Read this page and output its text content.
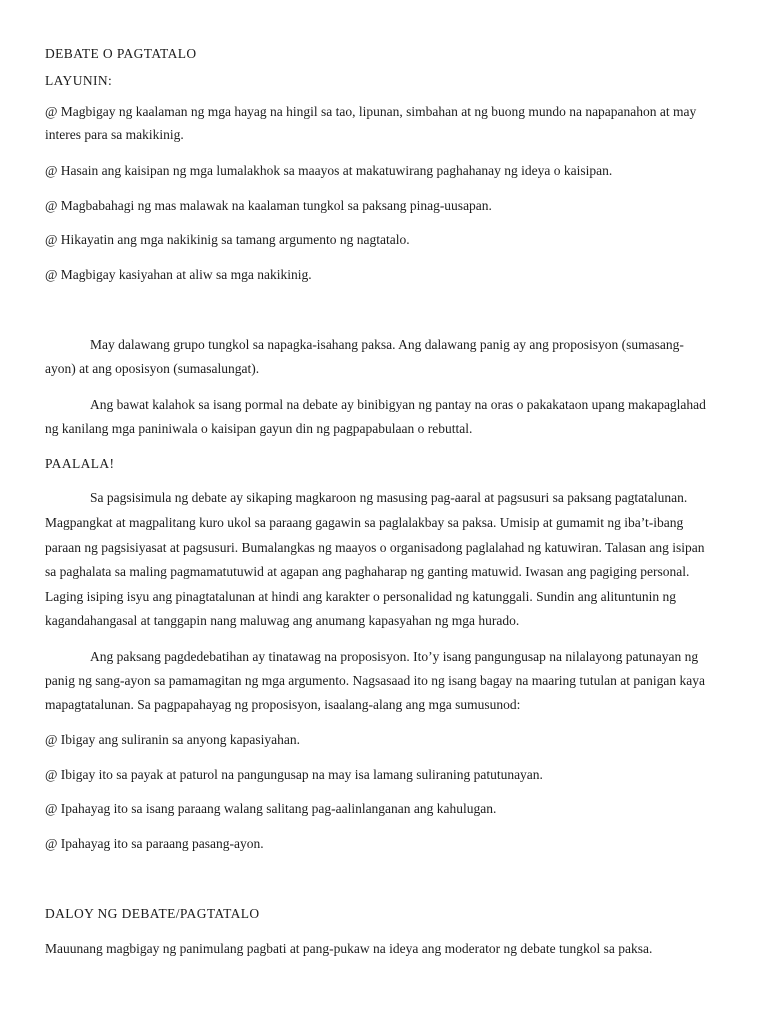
DEBATE O PAGTATALO
LAYUNIN:
@ Magbigay ng kaalaman ng mga hayag na hingil sa tao, lipunan, simbahan at ng buong mundo na napapanahon at may
interes para sa makikinig.
@ Hasain ang kaisipan ng mga lumalakhok sa maayos at makatuwirang paghahanay ng ideya o kaisipan.
@ Magbabahagi ng mas malawak na kaalaman tungkol sa paksang pinag-uusapan.
@ Hikayatin ang mga nakikinig sa tamang argumento ng nagtatalo.
@ Magbigay kasiyahan at aliw sa mga nakikinig.
May dalawang grupo tungkol sa napagka-isahang paksa. Ang dalawang panig ay ang proposisyon (sumasang-
ayon) at ang oposisyon (sumasalungat).
Ang bawat kalahok sa isang pormal na debate ay binibigyan ng pantay na oras o pakakataon upang makapaglahad
ng kanilang mga paniniwala o kaisipan gayun din ng pagpapabulaan o rebuttal.
PAALALA!
Sa pagsisimula ng debate ay sikaping magkaroon ng masusing pag-aaral at pagsusuri sa paksang pagtatalunan.
Magpangkat at magpalitang kuro ukol sa paraang gagawin sa paglalakbay sa paksa. Umisip at gumamit ng iba’t-ibang
paraan ng pagsisiyasat at pagsusuri. Bumalangkas ng maayos o organisadong paglalahad ng katuwiran. Talasan ang isipan
sa paghalata sa maling pagmamatutuwid at agapan ang paghaharap ng ganting matuwid. Iwasan ang pagiging personal.
Laging isiping isyu ang pinagtatalunan at hindi ang karakter o personalidad ng katunggali. Sundin ang alituntunin ng
kagandahangasal at tanggapin nang maluwag ang anumang kapasyahan ng mga hurado.
Ang paksang pagdedebatihan ay tinatawag na proposisyon. Ito’y isang pangungusap na nilalayong patunayan ng
panig ng sang-ayon sa pamamagitan ng mga argumento. Nagsasaad ito ng isang bagay na maaring tutulan at panigan kaya
mapagtatalunan. Sa pagpapahayag ng proposisyon, isaalang-alang ang mga sumusunod:
@ Ibigay ang suliranin sa anyong kapasiyahan.
@ Ibigay ito sa payak at paturol na pangungusap na may isa lamang suliraning patutunayan.
@ Ipahayag ito sa isang paraang walang salitang pag-aalinlanganan ang kahulugan.
@ Ipahayag ito sa paraang pasang-ayon.
DALOY NG DEBATE/PAGTATALO
Mauunang magbigay ng panimulang pagbati at pang-pukaw na ideya ang moderator ng debate tungkol sa paksa.
